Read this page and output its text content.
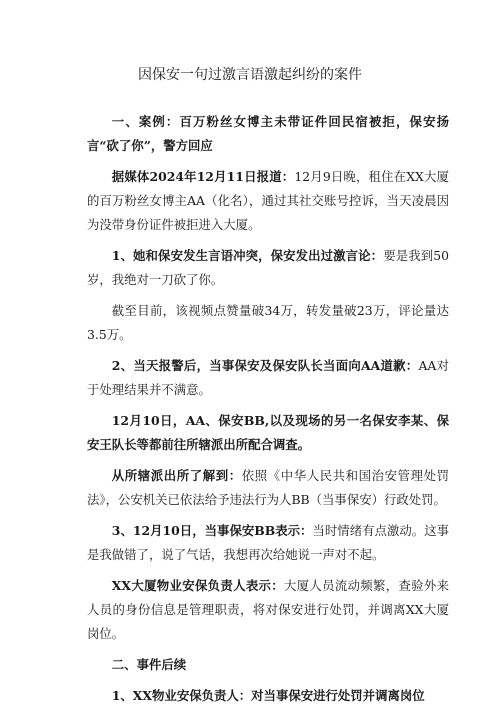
因保安一句过激言语激起纠纷的案件

一、案例：百万粉丝女博主未带证件回民宿被拒，保安扬言“砍了你”，警方回应

据媒体2024年12月11日报道：12月9日晚，租住在XX大厦的百万粉丝女博主AA（化名），通过其社交账号控诉，当天凌晨因为没带身份证件被拒进入大厦。

1、她和保安发生言语冲突，保安发出过激言论：要是我到50岁，我绝对一刀砍了你。

截至目前，该视频点赞量破34万，转发量破23万，评论量达3.5万。

2、当天报警后，当事保安及保安队长当面向AA道歉：AA对于处理结果并不满意。

12月10日，AA、保安BB,以及现场的另一名保安李某、保安王队长等都前往所辖派出所配合调查。

从所辖派出所了解到：依照《中华人民共和国治安管理处罚法》，公安机关已依法给予违法行为人BB（当事保安）行政处罚。

3、12月10日，当事保安BB表示：当时情绪有点激动。这事是我做错了，说了气话，我想再次给她说一声对不起。

XX大厦物业安保负责人表示：大厦人员流动频繁，查验外来人员的身份信息是管理职责，将对保安进行处罚，并调离XX大厦岗位。

二、事件后续

1、XX物业安保负责人：对当事保安进行处罚并调离岗位
